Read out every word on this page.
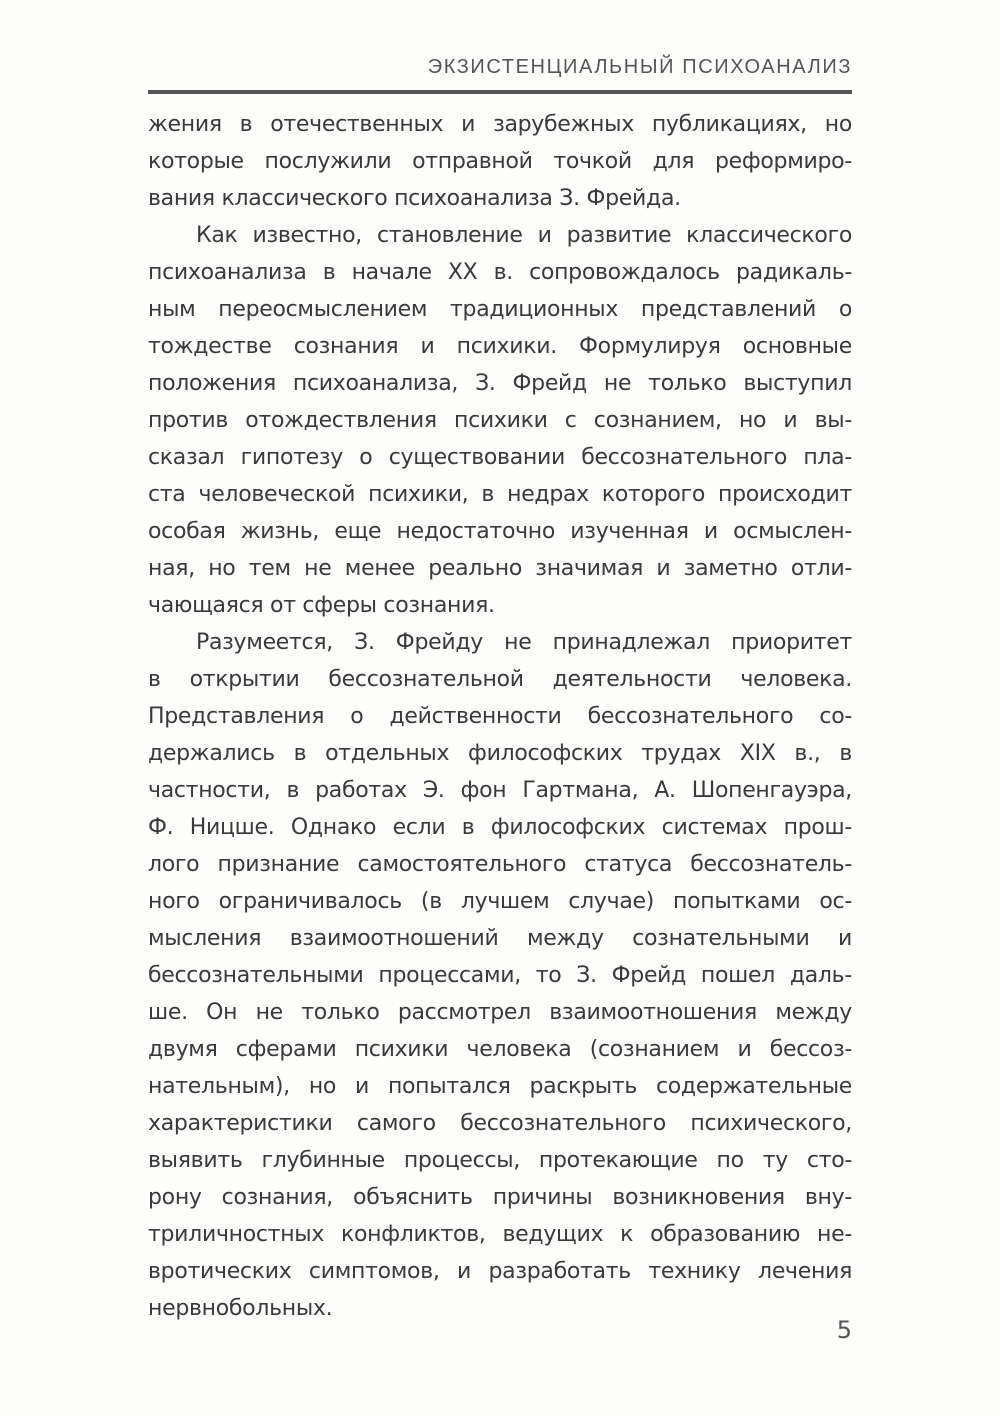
ЭКЗИСТЕНЦИАЛЬНЫЙ ПСИХОАНАЛИЗ
жения в отечественных и зарубежных публикациях, но
которые послужили отправной точкой для реформиро-
вания классического психоанализа З. Фрейда.
Как известно, становление и развитие классического
психоанализа в начале XX в. сопровождалось радикаль-
ным переосмыслением традиционных представлений о
тождестве сознания и психики. Формулируя основные
положения психоанализа, З. Фрейд не только выступил
против отождествления психики с сознанием, но и вы-
сказал гипотезу о существовании бессознательного пла-
ста человеческой психики, в недрах которого происходит
особая жизнь, еще недостаточно изученная и осмыслен-
ная, но тем не менее реально значимая и заметно отли-
чающаяся от сферы сознания.
Разумеется, З. Фрейду не принадлежал приоритет
в открытии бессознательной деятельности человека.
Представления о действенности бессознательного со-
держались в отдельных философских трудах XIX в., в
частности, в работах Э. фон Гартмана, А. Шопенгауэра,
Ф. Ницше. Однако если в философских системах прош-
лого признание самостоятельного статуса бессознатель-
ного ограничивалось (в лучшем случае) попытками ос-
мысления взаимоотношений между сознательными и
бессознательными процессами, то З. Фрейд пошел даль-
ше. Он не только рассмотрел взаимоотношения между
двумя сферами психики человека (сознанием и бессоз-
нательным), но и попытался раскрыть содержательные
характеристики самого бессознательного психического,
выявить глубинные процессы, протекающие по ту сто-
рону сознания, объяснить причины возникновения вну-
триличностных конфликтов, ведущих к образованию не-
вротических симптомов, и разработать технику лечения
нервнобольных.
5
